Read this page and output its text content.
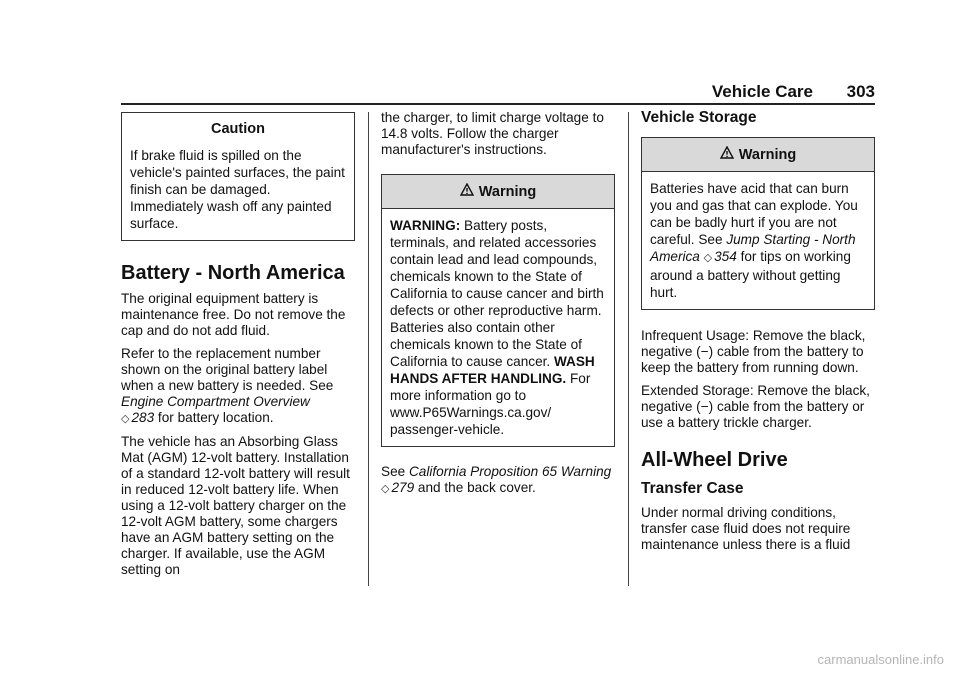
Vehicle Care 303
Caution
If brake fluid is spilled on the vehicle's painted surfaces, the paint finish can be damaged. Immediately wash off any painted surface.
Battery - North America

The original equipment battery is maintenance free. Do not remove the cap and do not add fluid.

Refer to the replacement number shown on the original battery label when a new battery is needed. See Engine Compartment Overview
◇ 283 for battery location.

The vehicle has an Absorbing Glass Mat (AGM) 12-volt battery. Installation of a standard 12-volt battery will result in reduced 12-volt battery life. When using a 12-volt battery charger on the 12-volt AGM battery, some chargers have an AGM battery setting on the charger. If available, use the AGM setting on

the charger, to limit charge voltage to 14.8 volts. Follow the charger manufacturer's instructions.

Warning
WARNING: Battery posts, terminals, and related accessories contain lead and lead compounds, chemicals known to the State of California to cause cancer and birth defects or other reproductive harm. Batteries also contain other chemicals known to the State of California to cause cancer. WASH HANDS AFTER HANDLING. For more information go to www.P65Warnings.ca.gov/ passenger-vehicle.

See California Proposition 65 Warning ◇ 279 and the back cover.

Vehicle Storage
Warning
Batteries have acid that can burn you and gas that can explode. You can be badly hurt if you are not careful. See Jump Starting - North America ◇ 354 for tips on working around a battery without getting hurt.

Infrequent Usage: Remove the black, negative (−) cable from the battery to keep the battery from running down.

Extended Storage: Remove the black, negative (−) cable from the battery or use a battery trickle charger.

All-Wheel Drive
Transfer Case

Under normal driving conditions, transfer case fluid does not require maintenance unless there is a fluid

carmanualsonline.info
